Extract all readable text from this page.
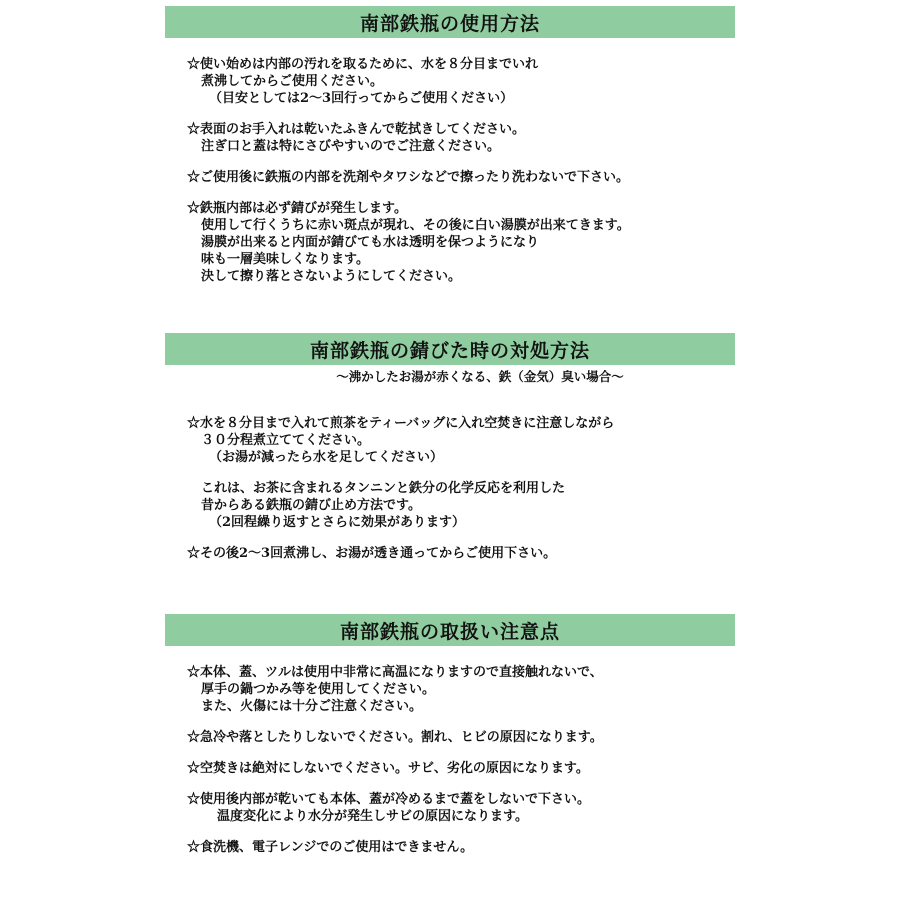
南部鉄瓶の使用方法
☆使い始めは内部の汚れを取るために、水を８分目までいれ
煮沸してからご使用ください。
（目安としては2～3回行ってからご使用ください）
☆表面のお手入れは乾いたふきんで乾拭きしてください。
注ぎ口と蓋は特にさびやすいのでご注意ください。
☆ご使用後に鉄瓶の内部を洗剤やタワシなどで擦ったり洗わないで下さい。
☆鉄瓶内部は必ず錆びが発生します。
使用して行くうちに赤い斑点が現れ、その後に白い湯膜が出来てきます。
湯膜が出来ると内面が錆びても水は透明を保つようになり
味も一層美味しくなります。
決して擦り落とさないようにしてください。
南部鉄瓶の錆びた時の対処方法
～沸かしたお湯が赤くなる、鉄（金気）臭い場合～
☆水を８分目まで入れて煎茶をティーバッグに入れ空焚きに注意しながら
３０分程煮立ててください。
（お湯が減ったら水を足してください）
これは、お茶に含まれるタンニンと鉄分の化学反応を利用した
昔からある鉄瓶の錆び止め方法です。
（2回程繰り返すとさらに効果があります）
☆その後2～3回煮沸し、お湯が透き通ってからご使用下さい。
南部鉄瓶の取扱い注意点
☆本体、蓋、ツルは使用中非常に高温になりますので直接触れないで、
厚手の鍋つかみ等を使用してください。
また、火傷には十分ご注意ください。
☆急冷や落としたりしないでください。割れ、ヒビの原因になります。
☆空焚きは絶対にしないでください。サビ、劣化の原因になります。
☆使用後内部が乾いても本体、蓋が冷めるまで蓋をしないで下さい。
温度変化により水分が発生しサビの原因になります。
☆食洗機、電子レンジでのご使用はできません。
